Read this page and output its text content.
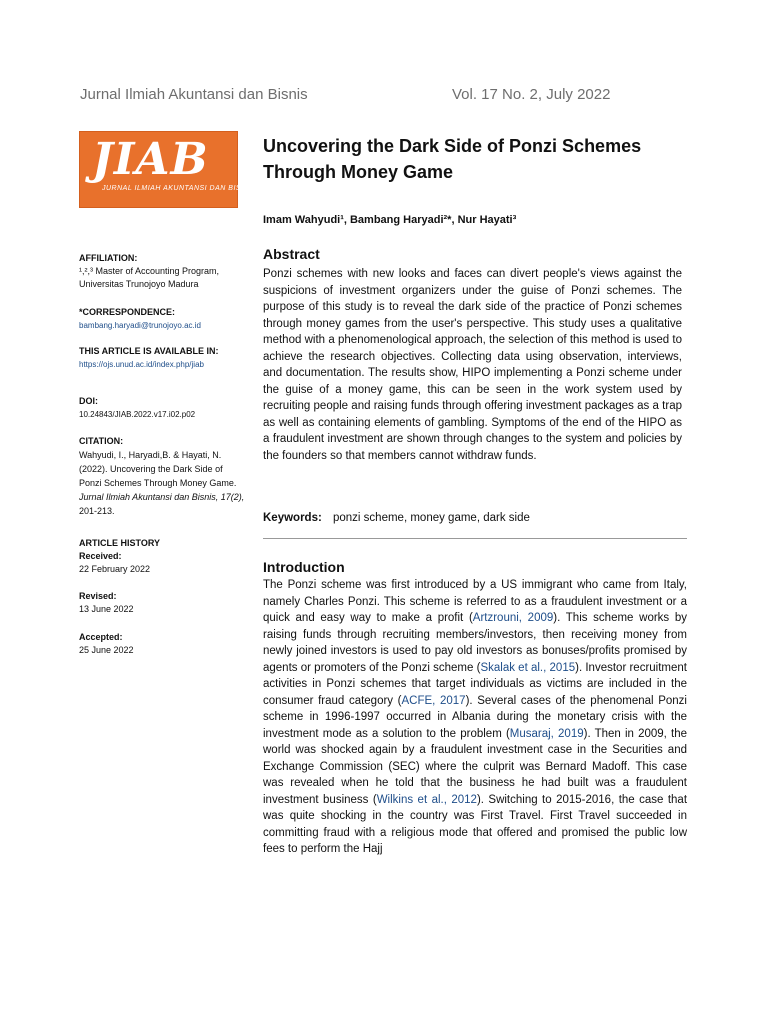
Jurnal Ilmiah Akuntansi dan Bisnis	Vol. 17 No. 2, July 2022
JIAB
JURNAL ILMIAH AKUNTANSI DAN BISNIS
Uncovering the Dark Side of Ponzi Schemes Through Money Game
Imam Wahyudi¹, Bambang Haryadi²*, Nur Hayati³
AFFILIATION:
¹,²,³ Master of Accounting Program, Universitas Trunojoyo Madura
*CORRESPONDENCE:
bambang.haryadi@trunojoyo.ac.id
THIS ARTICLE IS AVAILABLE IN:
https://ojs.unud.ac.id/index.php/jiab
DOI:
10.24843/JIAB.2022.v17.i02.p02
CITATION:
Wahyudi, I., Haryadi,B. & Hayati, N. (2022). Uncovering the Dark Side of Ponzi Schemes Through Money Game. Jurnal Ilmiah Akuntansi dan Bisnis, 17(2), 201-213.
ARTICLE HISTORY
Received:
22 February 2022
Revised:
13 June 2022
Accepted:
25 June 2022
Abstract
Ponzi schemes with new looks and faces can divert people's views against the suspicions of investment organizers under the guise of Ponzi schemes. The purpose of this study is to reveal the dark side of the practice of Ponzi schemes through money games from the user's perspective. This study uses a qualitative method with a phenomenological approach, the selection of this method is used to achieve the research objectives. Collecting data using observation, interviews, and documentation. The results show, HIPO implementing a Ponzi scheme under the guise of a money game, this can be seen in the work system used by recruiting people and raising funds through offering investment packages as a trap as well as containing elements of gambling. Symptoms of the end of the HIPO as a fraudulent investment are shown through changes to the system and policies by the founders so that members cannot withdraw funds.
Keywords: ponzi scheme, money game, dark side
Introduction
The Ponzi scheme was first introduced by a US immigrant who came from Italy, namely Charles Ponzi. This scheme is referred to as a fraudulent investment or a quick and easy way to make a profit (Artzrouni, 2009). This scheme works by raising funds through recruiting members/investors, then receiving money from newly joined investors is used to pay old investors as bonuses/profits promised by agents or promoters of the Ponzi scheme (Skalak et al., 2015). Investor recruitment activities in Ponzi schemes that target individuals as victims are included in the consumer fraud category (ACFE, 2017). Several cases of the phenomenal Ponzi scheme in 1996-1997 occurred in Albania during the monetary crisis with the investment mode as a solution to the problem (Musaraj, 2019). Then in 2009, the world was shocked again by a fraudulent investment case in the Securities and Exchange Commission (SEC) where the culprit was Bernard Madoff. This case was revealed when he told that the business he had built was a fraudulent investment business (Wilkins et al., 2012). Switching to 2015-2016, the case that was quite shocking in the country was First Travel. First Travel succeeded in committing fraud with a religious mode that offered and promised the public low fees to perform the Hajj
